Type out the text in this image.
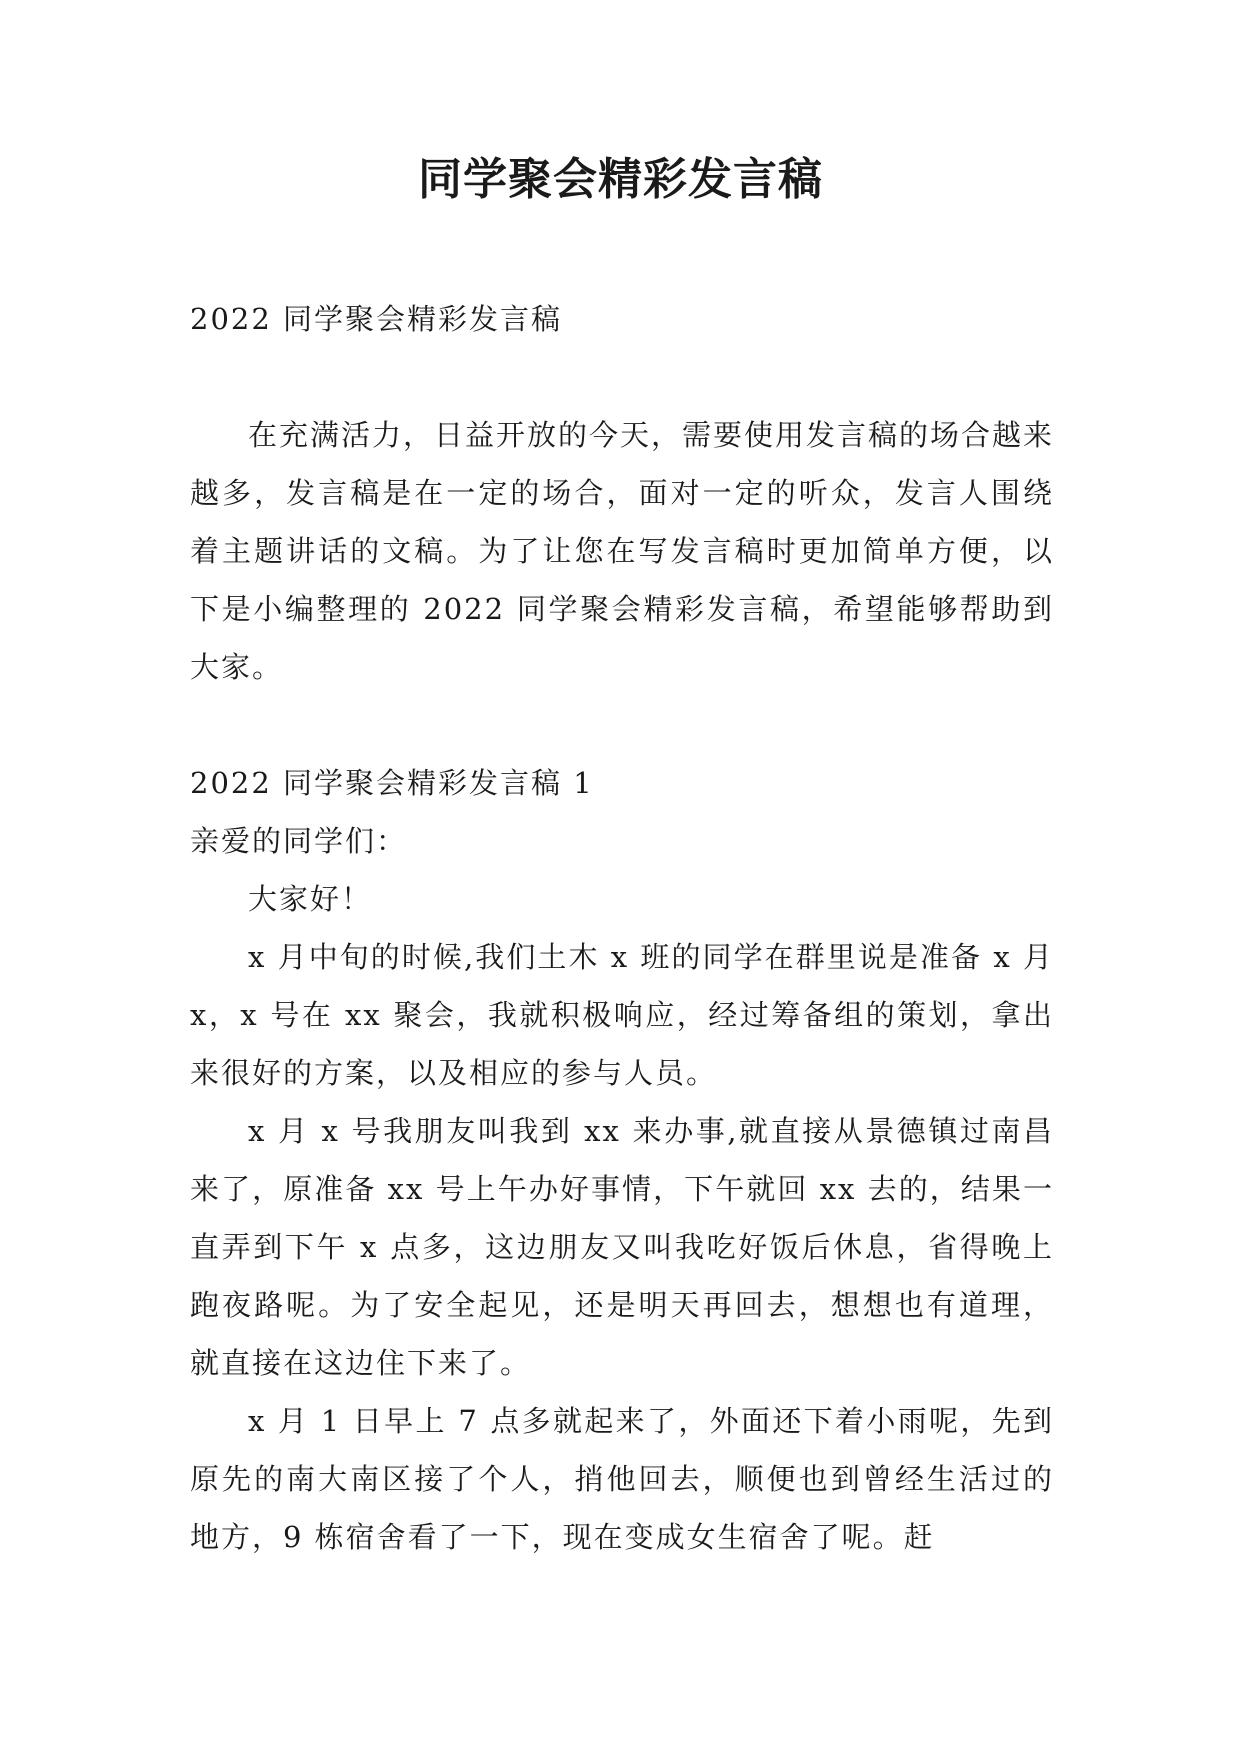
同学聚会精彩发言稿

2022 同学聚会精彩发言稿

在充满活力，日益开放的今天，需要使用发言稿的场合越来越多，发言稿是在一定的场合，面对一定的听众，发言人围绕着主题讲话的文稿。为了让您在写发言稿时更加简单方便，以下是小编整理的 2022 同学聚会精彩发言稿，希望能够帮助到大家。

2022 同学聚会精彩发言稿 1

亲爱的同学们：

大家好！

x 月中旬的时候,我们土木 x 班的同学在群里说是准备 x 月 x，x 号在 xx 聚会，我就积极响应，经过筹备组的策划，拿出来很好的方案，以及相应的参与人员。

x 月 x 号我朋友叫我到 xx 来办事,就直接从景德镇过南昌来了，原准备 xx 号上午办好事情，下午就回 xx 去的，结果一直弄到下午 x 点多，这边朋友又叫我吃好饭后休息，省得晚上跑夜路呢。为了安全起见，还是明天再回去，想想也有道理，就直接在这边住下来了。

x 月 1 日早上 7 点多就起来了，外面还下着小雨呢，先到原先的南大南区接了个人，捎他回去，顺便也到曾经生活过的地方，9 栋宿舍看了一下，现在变成女生宿舍了呢。赶
